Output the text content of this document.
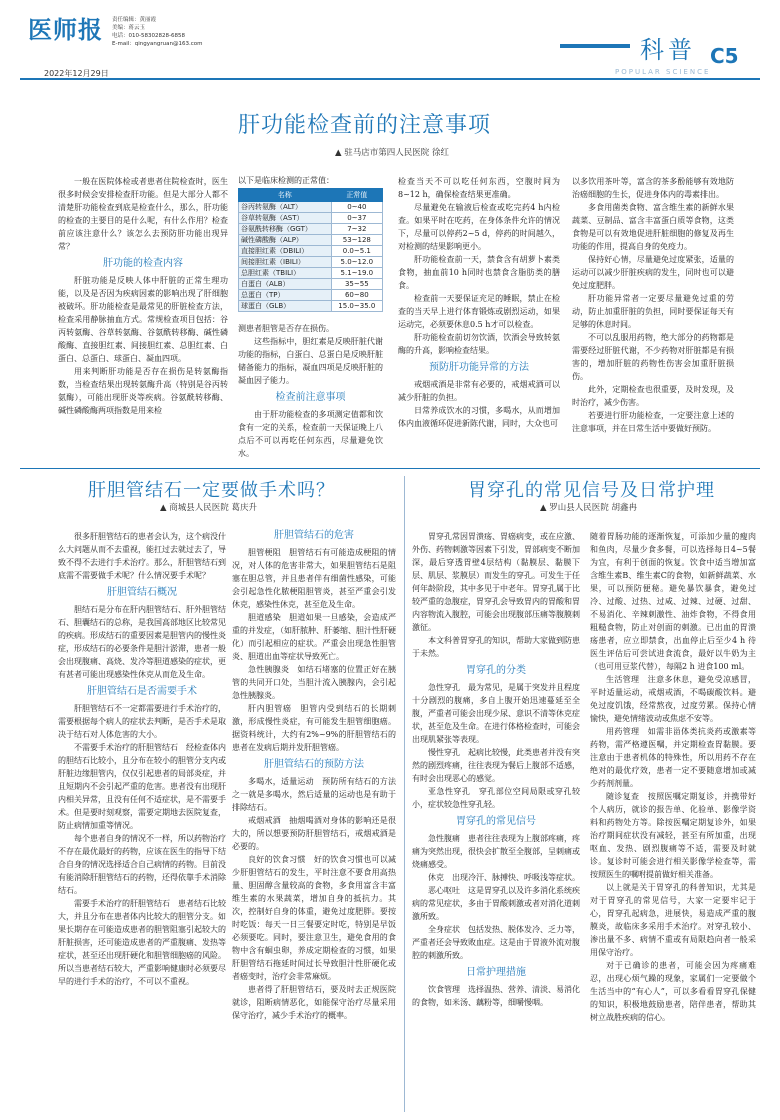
医师报 责任编辑：黄丽霞
美编：蒋云玉
电话：010-58302828-6858
E-mail：qingyangruan@163.com
2022年12月29日
科普
POPULAR SCIENCE
C5
肝功能检查前的注意事项
▲ 驻马店市第四人民医院 徐红

一般在医院体检或者患者住院检查时，医生很多时候会安排检查肝功能。但是大部分人都不清楚肝功能检查到底是检查什么，那么，肝功能的检查的主要目的是什么呢，有什么作用？检查前应该注意什么？该怎么去预防肝功能出现异常？

肝功能的检查内容

肝脏功能是反映人体中肝脏的正常生理功能，以及是否因为疾病因素的影响出现了肝细胞被破坏。肝功能检查是最常见的肝脏检查方法，检查采用静脉抽血方式。常规检查项目包括：谷丙转氨酶、谷草转氨酶、谷氨酰转移酶、碱性磷酸酶、直接胆红素、间接胆红素、总胆红素、白蛋白、总蛋白、球蛋白、凝血四项。

用来判断肝功能是否存在损伤是转氨酶指数，当检查结果出现转氨酶升高（特别是谷丙转氨酶），可能出现肝炎等疾病。谷氨酰转移酶、碱性磷酸酶两项指数是用来检

以下是临床检测的正常值：
名称	正常值
谷丙转氨酶（ALT）	0~40
谷草转氨酶（AST）	0~37
谷氨酰转移酶（GGT）	7~32
碱性磷酸酶（ALP）	53~128
直接胆红素（DBILI）	0.0~5.1
间接胆红素（IBILI）	5.0~12.0
总胆红素（TBILI）	5.1~19.0
白蛋白（ALB）	35~55
总蛋白（TP）	60~80
球蛋白（GLB）	15.0~35.0

测患者胆管是否存在损伤。

这些指标中，胆红素是反映肝脏代谢功能的指标，白蛋白、总蛋白是反映肝脏储备能力的指标，凝血四项是反映肝脏的凝血因子能力。

检查前注意事项

由于肝功能检查的多项测定值都和饮食有一定的关系，检查前一天保证晚上八点后不可以再吃任何东西，尽量避免饮水。

检查当天不可以吃任何东西，空腹时间为8~12 h，确保检查结果更准确。

尽量避免在输液后检查或吃完药4 h内检查。如果平时在吃药，在身体条件允许的情况下，尽量可以停药2~5 d，停药的时间越久，对检测的结果影响更小。

肝功能检查前一天，禁食含有胡萝卜素类食物，抽血前10 h同时也禁食含脂肪类的膳食。

检查前一天要保证充足的睡眠，禁止在检查的当天早上进行体育锻炼或剧烈运动，如果运动完，必须要休息0.5 h才可以检查。

肝功能检查前切勿饮酒，饮酒会导致转氨酶的升高，影响检查结果。

预防肝功能异常的方法

戒烟戒酒是非常有必要的，戒烟戒酒可以减少肝脏的负担。

日常养成饮水的习惯，多喝水，从而增加体内血液循环促进新陈代谢，同时，大众也可

以多饮用茶叶等，富含的茶多酚能够有效地防治癌细胞的生长，促进身体内的毒素排出。

多食用菌类食物、富含维生素的新鲜水果蔬菜、豆制品、富含丰富蛋白质等食物，这类食物是可以有效地促进肝脏细胞的修复及再生功能的作用，提高自身的免疫力。

保持好心情，尽量避免过度紧张，适量的运动可以减少肝脏疾病的发生，同时也可以避免过度肥胖。

肝功能异常者一定要尽量避免过重的劳动，防止加重肝脏的负担，同时要保证每天有足够的休息时间。

不可以乱服用药物，绝大部分的药物都是需要经过肝脏代谢，不少药物对肝脏都是有损害的，增加肝脏的药物性伤害会加重肝脏损伤。

此外，定期检查也很重要，及时发现，及时治疗，减少伤害。

若要进行肝功能检查，一定要注意上述的注意事项，并在日常生活中要做好预防。

肝胆管结石一定要做手术吗？
▲ 商城县人民医院 葛庆升

很多肝胆管结石的患者会认为，这个病没什么大问题从而不去重视，能扛过去就过去了，导致不得不去进行手术治疗。那么，肝胆管结石到底需不需要做手术呢？什么情况要手术呢？

肝胆管结石概况

胆结石是分布在肝内胆管结石、肝外胆管结石、胆囊结石的总称，是我国高部地区比较常见的疾病。形成结石的重要因素是胆管内的慢性炎症，形成结石的必要条件是胆汁淤滞，患者一般会出现腹痛、高烧、发冷等胆道感染的症状，更有甚者可能出现感染性休克从而危及生命。

肝胆管结石是否需要手术

肝胆管结石不一定都需要进行手术治疗的，需要根据每个病人的症状去判断，是否手术是取决于结石对人体危害的大小。

不需要手术治疗的肝胆管结石　经检查体内的胆结石比较小，且分布在较小的胆管分支内或肝脏边缘胆管内，仅仅引起患者的局部炎症，并且短期内不会引起严重的危害。患者没有出现肝内相关异常，且没有任何不适症状，是不需要手术。但是要时刻观察，需要定期地去医院复查，防止病情加重等情况。

每个患者自身的情况不一样，所以药物治疗不存在最优最好的药物，应该在医生的指导下结合自身的情况选择适合自己病情的药物。目前没有能消除肝胆管结石的药物，还得依靠手术消除结石。

需要手术治疗的肝胆管结石　患者结石比较大，并且分布在患者体内比较大的胆管分支。如果长期存在可能造成患者的胆管阻塞引起较大的肝脏损害，还可能造成患者的严重腹痛、发热等症状，甚至还出现肝硬化和胆管细胞癌的风险。所以当患者结石较大，严重影响健康时必须要尽早的进行手术的治疗，不可以不重视。

肝胆管结石的危害

胆管梗阻　胆管结石有可能造成梗阻的情况，对人体的危害非常大，如果胆管结石是阻塞在胆总管，并且患者伴有细菌性感染，可能会引起急性化脓梗阻胆管炎，甚至严重会引发休克，感染性休克，甚至危及生命。

胆道感染　胆道如果一旦感染，会造成严重的并发症，（如肝脓肿、肝萎缩、胆汁性肝硬化）而引起相应的症状。严重会出现急性胆管炎、胆道出血等症状导致死亡。

急性胰腺炎　如结石堵塞的位置正好在胰管的共同开口处，当胆汁流入胰腺内，会引起急性胰腺炎。

肝内胆管癌　胆管内受到结石的长期刺激，形成慢性炎症，有可能发生胆管细胞癌。据资料统计，大约有2%~9%的肝胆管结石的患者在发病后期并发肝胆管癌。

肝胆管结石的预防方法

多喝水，适量运动　预防所有结石的方法之一就是多喝水，然后适量的运动也是有助于排除结石。

戒烟戒酒　抽烟喝酒对身体的影响还是很大的，所以想要预防肝胆管结石，戒烟戒酒是必要的。

良好的饮食习惯　好的饮食习惯也可以减少肝胆管结石的发生，平时注意不要食用高热量、胆固醇含量较高的食物，多食用富含丰富维生素的水果蔬菜，增加自身的抵抗力。其次，控制好自身的体重，避免过度肥胖。要按时吃饭：每天一日三餐要定时吃，特别是早饭必须要吃。同时，要注意卫生，避免食用的食物中含有蛔虫卵，养成定期检查的习惯，如果肝胆管结石拖延时间过长导致胆汁性肝硬化或者癌变时，治疗会非常麻烦。

患者得了肝胆管结石，要及时去正规医院就诊，阻断病情恶化，如能保守治疗尽量采用保守治疗，减少手术治疗的概率。

胃穿孔的常见信号及日常护理
▲ 罗山县人民医院 胡鑫冉

胃穿孔常因胃溃疡、胃癌病变，或在应激、外伤、药物刺激等因素下引发，胃部病变不断加深，最后穿透胃壁4层结构（黏膜层、黏膜下层、肌层、浆膜层）而发生的穿孔。可发生于任何年龄阶段，其中多见于中老年。胃穿孔属于比较严重的急腹症，胃穿孔会导致胃内的胃酸和胃内容物流入腹腔，可能会出现腹部压痛等腹膜刺激征。

本文科普胃穿孔的知识，帮助大家做到防患于未然。

胃穿孔的分类

急性穿孔　最为常见，是属于突发并且程度十分剧烈的腹痛，多自上腹开始迅速蔓延至全腹，严重者可能会出现少尿、意识不清等休克症状，甚至危及生命。在进行体格检查时，可能会出现肌紧张等表现。

慢性穿孔　起病比较慢，此类患者并没有突然的剧烈疼痛，往往表现为餐后上腹部不适感，有时会出现恶心的感觉。

亚急性穿孔　穿孔部位空间局限或穿孔较小，症状较急性穿孔轻。

胃穿孔的常见信号

急性腹痛　患者往往表现为上腹部疼痛，疼痛为突然出现，很快会扩散至全腹部，呈刺痛或烧痛感受。

休克　出现冷汗、脉搏快、呼吸浅等症状。

恶心呕吐　这是胃穿孔以及许多消化系统疾病的常见症状，多由于胃酸刺激或者对消化道刺激所致。

全身症状　包括发热、脱体发冷、乏力等，严重者还会导致败血症。这是由于胃液外流对腹腔的刺激所致。

日常护理措施

饮食管理　选择温热、营养、清淡、易消化的食物，如米汤、藕粉等，细嚼慢咽。

随着胃肠功能的逐渐恢复，可添加少量的瘦肉和鱼肉，尽量少食多餐，可以选择每日4~5餐为宜，有利于创面的恢复。饮食中适当增加富含维生素B、维生素C的食物，如新鲜蔬菜、水果，可以预防便秘。避免暴饮暴食，避免过冷、过酸、过热、过咸、过辣、过硬、过甜、不易消化、辛辣刺激性、油炸食物，不得食用粗糙食物，防止对创面的刺激。已出血的胃溃疡患者，应立即禁食，出血停止后至少4 h 待医生评估后可尝试进食流食，最好以牛奶为主（也可用豆浆代替），每隔2 h 进食100 ml。

生活管理　注意多休息，避免受凉感冒，平时适量运动，戒烟戒酒，不喝碳酸饮料。避免过度饥饿，经常熬夜，过度劳累。保持心情愉快，避免情绪波动或焦虑不安等。

用药管理　如需非甾体类抗炎药或激素等药物，需严格遵医嘱，并定期检查胃黏膜。要注意由于患者机体的特殊性，所以用药不存在绝对的最优疗效，患者一定不要随意增加或减少药剂剂量。

随诊复查　按照医嘱定期复诊，并携带好个人病历，就诊的报告单、化验单、影像学资料和药物处方等。除按医嘱定期复诊外，如果治疗期间症状没有减轻，甚至有所加重，出现呕血、发热、剧烈腹痛等不适，需要及时就诊。复诊时可能会进行相关影像学检查等，需按照医生的嘱咐提前做好相关准备。

以上就是关于胃穿孔的科普知识，尤其是对于胃穿孔的常见信号，大家一定要牢记于心，胃穿孔起病急，进展快，易造成严重的腹膜炎，故临床多采用手术治疗。对穿孔较小、渗出量不多、病情不重或有局限趋向者一般采用保守治疗。

对于已确诊的患者，可能会因为疼痛难忍，出现心烦气躁的现象，家属们一定要做个生活当中的“有心人”，可以多看看胃穿孔保健的知识，积极地鼓励患者，陪伴患者，帮助其树立战胜疾病的信心。
